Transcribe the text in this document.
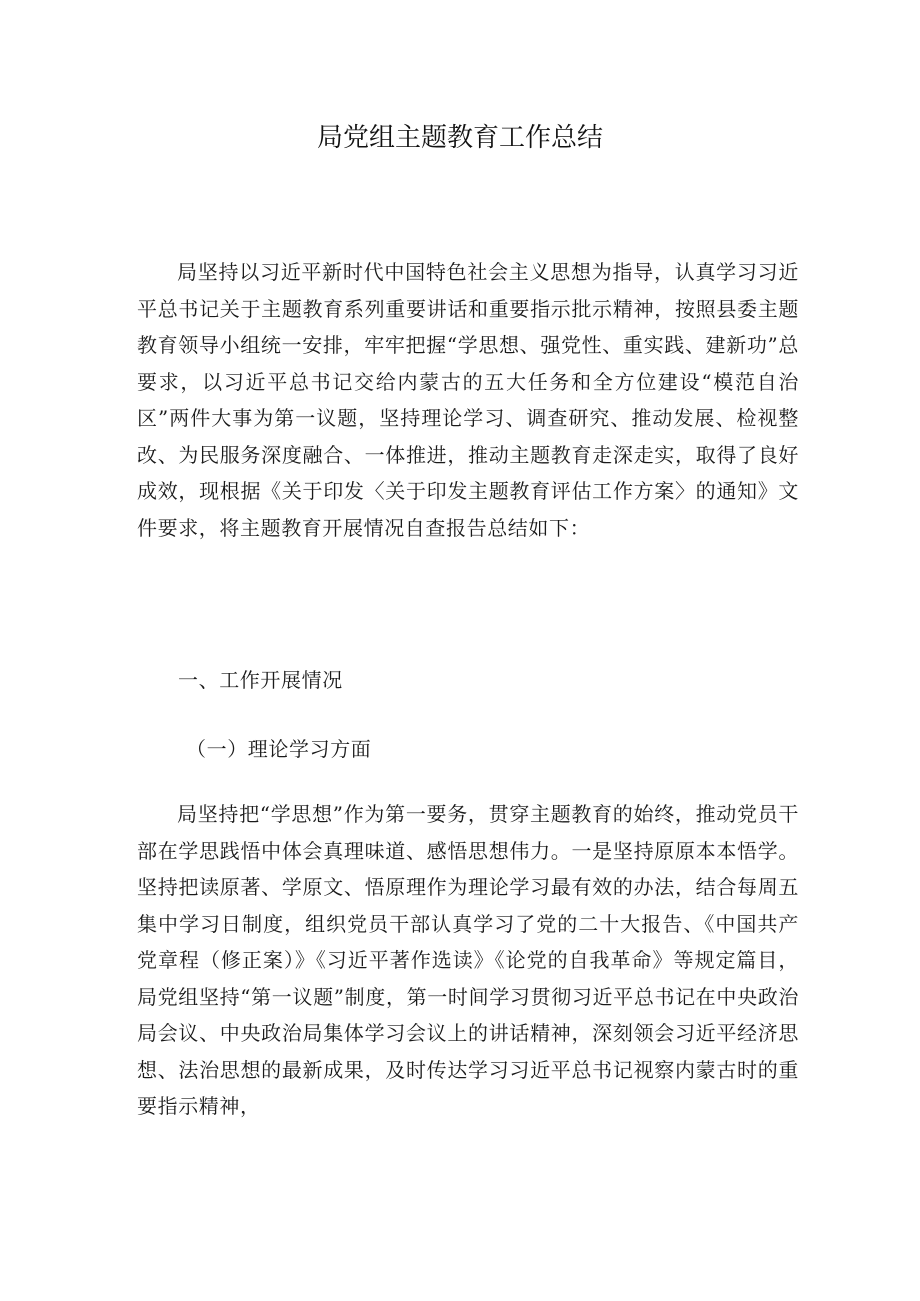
局党组主题教育工作总结

局坚持以习近平新时代中国特色社会主义思想为指导，认真学习习近平总书记关于主题教育系列重要讲话和重要指示批示精神，按照县委主题教育领导小组统一安排，牢牢把握“学思想、强党性、重实践、建新功”总要求，以习近平总书记交给内蒙古的五大任务和全方位建设“模范自治区”两件大事为第一议题，坚持理论学习、调查研究、推动发展、检视整改、为民服务深度融合、一体推进，推动主题教育走深走实，取得了良好成效，现根据《关于印发〈关于印发主题教育评估工作方案〉的通知》文件要求，将主题教育开展情况自查报告总结如下：

一、工作开展情况

（一）理论学习方面

局坚持把“学思想”作为第一要务，贯穿主题教育的始终，推动党员干部在学思践悟中体会真理味道、感悟思想伟力。一是坚持原原本本悟学。坚持把读原著、学原文、悟原理作为理论学习最有效的办法，结合每周五集中学习日制度，组织党员干部认真学习了党的二十大报告、《中国共产党章程（修正案）》《习近平著作选读》《论党的自我革命》等规定篇目，局党组坚持“第一议题”制度，第一时间学习贯彻习近平总书记在中央政治局会议、中央政治局集体学习会议上的讲话精神，深刻领会习近平经济思想、法治思想的最新成果，及时传达学习习近平总书记视察内蒙古时的重要指示精神，
